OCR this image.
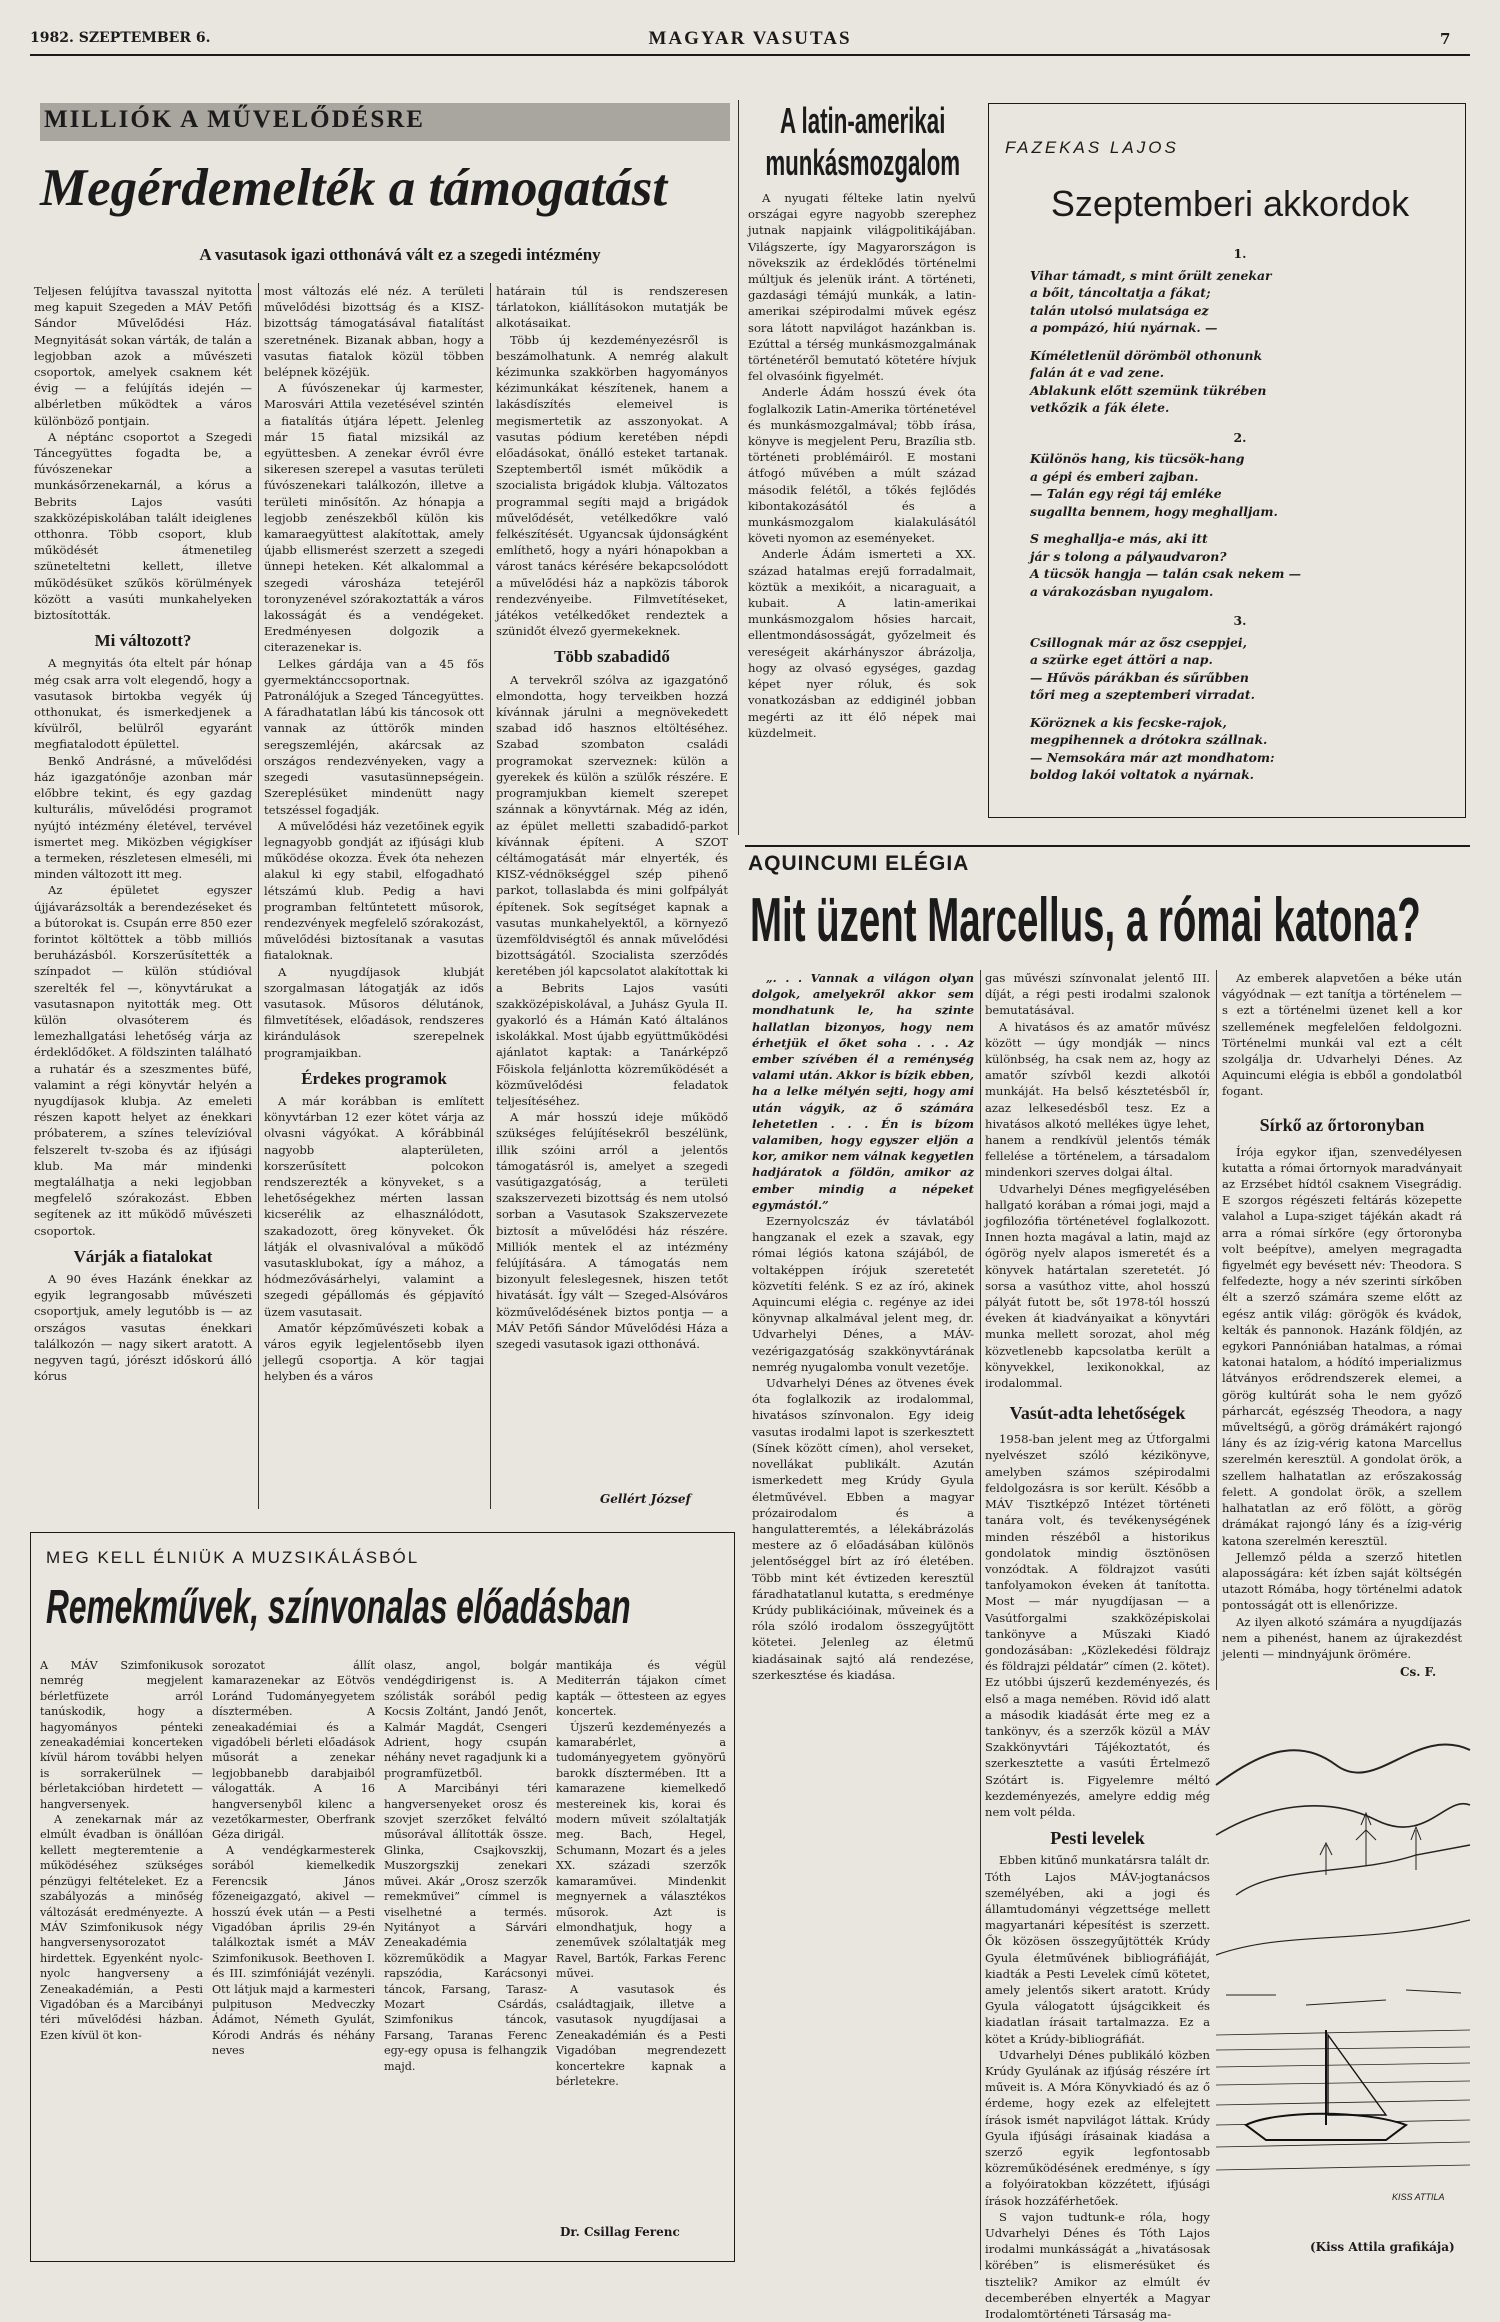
1982. SZEPTEMBER 6.	MAGYAR VASUTAS	7
MILLIÓK A MŰVELŐDÉSRE
Megérdemelték a támogatást
A vasutasok igazi otthonává vált ez a szegedi intézmény

Teljesen felújítva tavasszal nyitotta meg kapuit Szegeden a MÁV Petőfi Sándor Művelődési Ház. Megnyitását sokan várták, de talán a legjobban azok a művészeti csoportok, amelyek csaknem két évig — a felújítás idején — albérletben működtek a város különböző pontjain.

A néptánc csoportot a Szegedi Táncegyüttes fogadta be, a fúvószenekar a munkásőrzenekarnál, a kórus a Bebrits Lajos vasúti szakközépiskolában talált ideiglenes otthonra. Több csoport, klub működését átmenetileg szüneteltetni kellett, illetve működésüket szűkös körülmények között a vasúti munkahelyeken biztosították.

Mi változott?

A megnyitás óta eltelt pár hónap még csak arra volt elegendő, hogy a vasutasok birtokba vegyék új otthonukat, és ismerkedjenek a kívülről, belülről egyaránt megfiatalodott épülettel.

Benkő Andrásné, a művelődési ház igazgatónője azonban már előbbre tekint, és egy gazdag kulturális, művelődési programot nyújtó intézmény életével, tervével ismertet meg. Miközben végigkíser a termeken, részletesen elmeséli, mi minden változott itt meg.

Az épületet egyszer újjávarázsolták a berendezéseket és a bútorokat is. Csupán erre 850 ezer forintot költöttek a több milliós beruházásból. Korszerűsítették a színpadot — külön stúdióval szerelték fel —, könyvtárukat a vasutasnapon nyitották meg. Ott külön olvasóterem és lemezhallgatási lehetőség várja az érdeklődőket. A földszinten található a ruhatár és a szeszmentes büfé, valamint a régi könyvtár helyén a nyugdíjasok klubja. Az emeleti részen kapott helyet az énekkari próbaterem, a színes televízióval felszerelt tv-szoba és az ifjúsági klub. Ma már mindenki megtalálhatja a neki legjobban megfelelő szórakozást. Ebben segítenek az itt működő művészeti csoportok.

Várják a fiatalokat

A 90 éves Hazánk énekkar az egyik legrangosabb művészeti csoportjuk, amely legutóbb is — az országos vasutas énekkari találkozón — nagy sikert aratott. A negyven tagú, jórészt időskorú álló kórus

most változás elé néz. A területi művelődési bizottság és a KISZ-bizottság támogatásával fiatalítást szeretnének. Bizanak abban, hogy a vasutas fiatalok közül többen belépnek közéjük.

A fúvószenekar új karmester, Marosvári Attila vezetésével szintén a fiatalítás útjára lépett. Jelenleg már 15 fiatal mizsikál az együttesben. A zenekar évről évre sikeresen szerepel a vasutas területi fúvószenekari találkozón, illetve a területi minősítőn. Az hónapja a legjobb zenészekből külön kis kamaraegyüttest alakítottak, amely újabb ellismerést szerzett a szegedi ünnepi heteken. Két alkalommal a szegedi városháza tetejéről toronyzenével szórakoztatták a város lakosságát és a vendégeket. Eredményesen dolgozik a citerazenekar is.

Lelkes gárdája van a 45 fős gyermektánccsoportnak. Patronálójuk a Szeged Táncegyüttes. A fáradhatatlan lábú kis táncosok ott vannak az úttörők minden seregszemléjén, akárcsak az országos rendezvényeken, vagy a szegedi vasutasünnepségein. Szereplésüket mindenütt nagy tetszéssel fogadják.

A művelődési ház vezetőinek egyik legnagyobb gondját az ifjúsági klub működése okozza. Évek óta nehezen alakul ki egy stabil, elfogadható létszámú klub. Pedig a havi programban feltűntetett műsorok, rendezvények megfelelő szórakozást, művelődési biztosítanak a vasutas fiataloknak.

A nyugdíjasok klubját szorgalmasan látogatják az idős vasutasok. Műsoros délutánok, filmvetítések, előadások, rendszeres kirándulások szerepelnek programjaikban.

Érdekes programok

A már korábban is említett könyvtárban 12 ezer kötet várja az olvasni vágyókat. A kőrábbinál nagyobb alapterületen, korszerűsített polcokon rendszerezték a könyveket, s a lehetőségekhez mérten lassan kicserélik az elhasználódott, szakadozott, öreg könyveket. Ők látják el olvasnivalóval a működő vasutasklubokat, így a mához, a hódmezővásárhelyi, valamint a szegedi gépállomás és gépjavító üzem vasutasait.

Amatőr képzőművészeti kobak a város egyik legjelentősebb ilyen jellegű csoportja. A kör tagjai helyben és a város

határain túl is rendszeresen tárlatokon, kiállításokon mutatják be alkotásaikat.

Több új kezdeményezésről is beszámolhatunk. A nemrég alakult kézimunka szakkörben hagyományos kézimunkákat készítenek, hanem a lakásdíszítés elemeivel is megismertetik az asszonyokat. A vasutas pódium keretében népdi előadásokat, önálló esteket tartanak. Szeptembertől ismét működik a szocialista brigádok klubja. Változatos programmal segíti majd a brigádok művelődését, vetélkedőkre való felkészítését. Ugyancsak újdonságként említhető, hogy a nyári hónapokban a várost tanács kérésére bekapcsolódott a művelődési ház a napközis táborok rendezvényeibe. Filmvetítéseket, játékos vetélkedőket rendeztek a szünidőt élvező gyermekeknek.

Több szabadidő

A tervekről szólva az igazgatónő elmondotta, hogy terveikben hozzá kívánnak járulni a megnövekedett szabad idő hasznos eltöltéséhez. Szabad szombaton családi programokat szerveznek: külön a gyerekek és külön a szülők részére. E programjukban kiemelt szerepet szánnak a könyvtárnak. Még az idén, az épület melletti szabadidő-parkot kívánnak építeni. A SZOT céltámogatását már elnyerték, és KISZ-védnökséggel szép pihenő parkot, tollaslabda és mini golfpályát építenek. Sok segítséget kapnak a vasutas munkahelyektől, a környező üzemföldviségtől és annak művelődési bizottságától. Szocialista szerződés keretében jól kapcsolatot alakítottak ki a Bebrits Lajos vasúti szakközépiskolával, a Juhász Gyula II. gyakorló és a Hámán Kató általános iskolákkal. Most újabb együttműködési ajánlatot kaptak: a Tanárképző Főiskola feljánlotta közreműködését a közművelődési feladatok teljesítéséhez.

A már hosszú ideje működő szükséges felújítésekről beszélünk, illik szóini arról a jelentős támogatásról is, amelyet a szegedi vasútigazgatóság, a területi szakszervezeti bizottság és nem utolsó sorban a Vasutasok Szakszervezete biztosít a művelődési ház részére. Milliók mentek el az intézmény felújítására. A támogatás nem bizonyult feleslegesnek, hiszen tetőt hivatását. Így vált — Szeged-Alsóváros közművelődésének biztos pontja — a MÁV Petőfi Sándor Művelődési Háza a szegedi vasutasok igazi otthonává.

Gellért József
A latin-amerikai munkásmozgalom

A nyugati félteke latin nyelvű országai egyre nagyobb szerephez jutnak napjaink világpolitikájában. Világszerte, így Magyarországon is növekszik az érdeklődés történelmi múltjuk és jelenük iránt. A történeti, gazdasági témájú munkák, a latin-amerikai szépirodalmi művek egész sora látott napvilágot hazánkban is. Ezúttal a térség munkásmozgalmának történetéről bemutató kötetére hívjuk fel olvasóink figyelmét.

Anderle Ádám hosszú évek óta foglalkozik Latin-Amerika történetével és munkásmozgalmával; több írása, könyve is megjelent Peru, Brazília stb. történeti problémáiról. E mostani átfogó művében a múlt század második felétől, a tőkés fejlődés kibontakozásától és a munkásmozgalom kialakulásától követi nyomon az eseményeket.

Anderle Ádám ismerteti a XX. század hatalmas erejű forradalmait, köztük a mexikóit, a nicaraguait, a kubait. A latin-amerikai munkásmozgalom hősies harcait, ellentmondásosságát, győzelmeit és vereségeit akárhányszor ábrázolja, hogy az olvasó egységes, gazdag képet nyer róluk, és sok vonatkozásban az eddiginél jobban megérti az itt élő népek mai küzdelmeit.

FAZEKAS LAJOS
Szeptemberi akkordok
1.
Vihar támadt, s mint őrült zenekar
a bőit, táncoltatja a fákat;
talán utolsó mulatsága ez
a pompázó, hiú nyárnak. —
Kíméletlenül dörömböl othonunk
falán át e vad zene.
Ablakunk előtt szemünk tükrében
vetkőzik a fák élete.
2.
Különös hang, kis tücsök-hang
a gépi és emberi zajban.
— Talán egy régi táj emléke
sugallta bennem, hogy meghalljam.
S meghallja-e más, aki itt
jár s tolong a pályaudvaron?
A tücsök hangja — talán csak nekem —
a várakozásban nyugalom.
3.
Csillognak már az ősz cseppjei,
a szürke eget áttöri a nap.
— Hűvös párákban és sűrűbben
tőri meg a szeptemberi virradat.
Köröznek a kis fecske-rajok,
megpihennek a drótokra szállnak.
— Nemsokára már azt mondhatom:
boldog lakói voltatok a nyárnak.
MEG KELL ÉLNIÜK A MUZSIKÁLÁSBÓL
Remekművek, színvonalas előadásban

A MÁV Szimfonikusok nemrég megjelent bérletfüzete arról tanúskodik, hogy a hagyományos pénteki zeneakadémiai koncerteken kívül három további helyen is sorrakerülnek — bérletakcióban hirdetett — hangversenyek.

A zenekarnak már az elmúlt évadban is önállóan kellett megteremtenie a működéséhez szükséges pénzügyi feltételeket. Ez a szabályozás a minőség változását eredményezte. A MÁV Szimfonikusok négy hangversenysorozatot hirdettek. Egyenként nyolc-nyolc hangverseny a Zeneakadémián, a Pesti Vigadóban és a Marcibányi téri művelődési házban. Ezen kívül öt kon-

sorozatot állít kamarazenekar az Eötvös Loránd Tudományegyetem dísztermében. A zeneakadémiai és a vigadóbeli bérleti előadások műsorát a zenekar legjobbanebb darabjaiból válogatták. A 16 hangversenyből kilenc a vezetőkarmester, Oberfrank Géza dirigál.

A vendégkarmesterek sorából kiemelkedik Ferencsik János főzeneigazgató, akivel — hosszú évek után — a Pesti Vigadóban április 29-én találkoztak ismét a MÁV Szimfonikusok. Beethoven I. és III. szimfóniáját vezényli. Ott látjuk majd a karmesteri pulpituson Medveczky Ádámot, Németh Gyulát, Kórodi András és néhány neves

olasz, angol, bolgár vendégdirigenst is. A szólisták sorából pedig Kocsis Zoltánt, Jandó Jenőt, Kalmár Magdát, Csengeri Adrient, hogy csupán néhány nevet ragadjunk ki a programfüzetből.

A Marcibányi téri hangversenyeket orosz és szovjet szerzőket felváltó műsorával állították össze. Glinka, Csajkovszkij, Muszorgszkij zenekari művei. Akár „Orosz szerzők remekművei” címmel is viselhetné a termés. Nyitányot a Sárvári Zeneakadémia közreműködik a Magyar rapszódia, Karácsonyi táncok, Farsang, Tarasz-Mozart Csárdás, Szimfonikus táncok, Farsang, Taranas Ferenc egy-egy opusa is felhangzik majd.

mantikája és végül Mediterrán tájakon címet kapták — öttesteen az egyes koncertek.

Újszerű kezdeményezés a kamarabérlet, a tudományegyetem gyönyörű barokk dísztermében. Itt a kamarazene kiemelkedő mestereinek kis, korai és modern műveit szólaltatják meg. Bach, Hegel, Schumann, Mozart és a jeles XX. századi szerzők kamaraművei. Mindenkit megnyernek a választékos műsorok. Azt is elmondhatjuk, hogy a zeneművek szólaltatják meg Ravel, Bartók, Farkas Ferenc művei.

A vasutasok és családtagjaik, illetve a vasutasok nyugdíjasai a Zeneakadémián és a Pesti Vigadóban megrendezett koncertekre kapnak a bérletekre.

Dr. Csillag Ferenc
AQUINCUMI ELÉGIA
Mit üzent Marcellus, a római katona?

„. . . Vannak a világon olyan dolgok, amelyekről akkor sem mondhatunk le, ha szinte hallatlan bizonyos, hogy nem érhetjük el őket soha . . . Az ember szívében él a reménység valami után. Akkor is bízik ebben, ha a lelke mélyén sejti, hogy ami után vágyik, az ő számára lehetetlen . . . Én is bízom valamiben, hogy egyszer eljön a kor, amikor nem válnak kegyetlen hadjáratok a földön, amikor az ember mindig a népeket egymástól.”

Ezernyolcszáz év távlatából hangzanak el ezek a szavak, egy római légiós katona szájából, de voltaképpen írójuk szeretetét közvetíti felénk. S ez az író, akinek Aquincumi elégia c. regénye az idei könyvnap alkalmával jelent meg, dr. Udvarhelyi Dénes, a MÁV-vezérigazgatóság szakkönyvtárának nemrég nyugalomba vonult vezetője.

Udvarhelyi Dénes az ötvenes évek óta foglalkozik az irodalommal, hivatásos színvonalon. Egy ideig vasutas irodalmi lapot is szerkesztett (Sínek között címen), ahol verseket, novellákat publikált. Azután ismerkedett meg Krúdy Gyula életművével. Ebben a magyar prózairodalom és a hangulatteremtés, a lélekábrázolás mestere az ő előadásában különös jelentőséggel bírt az író életében. Több mint két évtizeden keresztül fáradhatatlanul kutatta, s eredménye Krúdy publikációinak, műveinek és a róla szóló irodalom összegyűjtött kötetei. Jelenleg az életmű kiadásainak sajtó alá rendezése, szerkesztése és kiadása.

gas művészi színvonalat jelentő III. díját, a régi pesti irodalmi szalonok bemutatásával.

A hivatásos és az amatőr művész között — úgy mondják — nincs különbség, ha csak nem az, hogy az amatőr szívből kezdi alkotói munkáját. Ha belső késztetésből ír, azaz lelkesedésből tesz. Ez a hivatásos alkotó mellékes ügye lehet, hanem a rendkívül jelentős témák fellelése a történelem, a társadalom mindenkori szerves dolgai által.

Udvarhelyi Dénes megfigyelésében hallgató korában a római jogi, majd a jogfilozófia történetével foglalkozott. Innen hozta magával a latin, majd az ógörög nyelv alapos ismeretét és a könyvek határtalan szeretetét. Jó sorsa a vasúthoz vitte, ahol hosszú pályát futott be, sőt 1978-tól hosszú éveken át kiadványaikat a könyvtári munka mellett sorozat, ahol még közvetlenebb kapcsolatba került a könyvekkel, lexikonokkal, az irodalommal.

Vasút-adta lehetőségek

1958-ban jelent meg az Útforgalmi nyelvészet szóló kézikönyve, amelyben számos szépirodalmi feldolgozásra is sor került. Később a MÁV Tisztképző Intézet történeti tanára volt, és tevékenységének minden részéből a historikus gondolatok mindig ösztönösen vonzódtak. A földrajzot vasúti tanfolyamokon éveken át tanította. Most — már nyugdíjasan — a Vasútforgalmi szakközépiskolai tankönyve a Műszaki Kiadó gondozásában: „Közlekedési földrajz és földrajzi példatár” címen (2. kötet). Ez utóbbi újszerű kezdeményezés, és első a maga nemében. Rövid idő alatt a második kiadását érte meg ez a tankönyv, és a szerzők közül a MÁV Szakkönyvtári Tájékoztatót, és szerkesztette a vasúti Értelmező Szótárt is. Figyelemre méltó kezdeményezés, amelyre eddig még nem volt példa.

Pesti levelek

Ebben kitűnő munkatársra talált dr. Tóth Lajos MÁV-jogtanácsos személyében, aki a jogi és államtudományi végzettsége mellett magyartanári képesítést is szerzett. Ők közösen összegyűjtötték Krúdy Gyula életművének bibliográfiáját, kiadták a Pesti Levelek című kötetet, amely jelentős sikert aratott. Krúdy Gyula válogatott újságcikkeit és kiadatlan írásait tartalmazza. Ez a kötet a Krúdy-bibliográfiát.

Udvarhelyi Dénes publikáló közben Krúdy Gyulának az ifjúság részére írt műveit is. A Móra Könyvkiadó és az ő érdeme, hogy ezek az elfelejtett írások ismét napvilágot láttak. Krúdy Gyula ifjúsági írásainak kiadása a szerző egyik legfontosabb közreműködésének eredménye, s így a folyóiratokban közzétett, ifjúsági írások hozzáférhetőek.

S vajon tudtunk-e róla, hogy Udvarhelyi Dénes és Tóth Lajos irodalmi munkásságát a „hivatásosak körében” is elismerésüket és tisztelik? Amikor az elmúlt év decemberében elnyerték a Magyar Irodalomtörténeti Társaság ma-

Az emberek alapvetően a béke után vágyódnak — ezt tanítja a történelem — s ezt a történelmi üzenet kell a kor szellemének megfelelően feldolgozni. Történelmi munkái val ezt a célt szolgálja dr. Udvarhelyi Dénes. Az Aquincumi elégia is ebből a gondolatból fogant.

Sírkő az őrtoronyban

Írója egykor ifjan, szenvedélyesen kutatta a római őrtornyok maradványait az Erzsébet hídtól csaknem Visegrádig. E szorgos régészeti feltárás közepette valahol a Lupa-sziget tájékán akadt rá arra a római sírkőre (egy őrtoronyba volt beépítve), amelyen megragadta figyelmét egy bevésett név: Theodora. S felfedezte, hogy a név szerinti sírkőben élt a szerző számára szeme előtt az egész antik világ: görögök és kvádok, kelták és pannonok. Hazánk földjén, az egykori Pannóniában hatalmas, a római katonai hatalom, a hódító imperializmus látványos erődrendszerek elemei, a görög kultúrát soha le nem győző párharcát, egészség Theodora, a nagy műveltségű, a görög drámákért rajongó lány és az ízig-vérig katona Marcellus szerelmén keresztül. A gondolat örök, a szellem halhatatlan az erőszakosság felett. A gondolat örök, a szellem halhatatlan az erő fölött, a görög drámákat rajongó lány és a ízig-vérig katona szerelmén keresztül.

Jellemző példa a szerző hitetlen alaposságára: két ízben saját költségén utazott Rómába, hogy történelmi adatok pontosságát ott is ellenőrizze.

Az ilyen alkotó számára a nyugdíjazás nem a pihenést, hanem az újrakezdést jelenti — mindnyájunk örömére.

Cs. F.
KISS ATTILA
(Kiss Attila grafikája)
